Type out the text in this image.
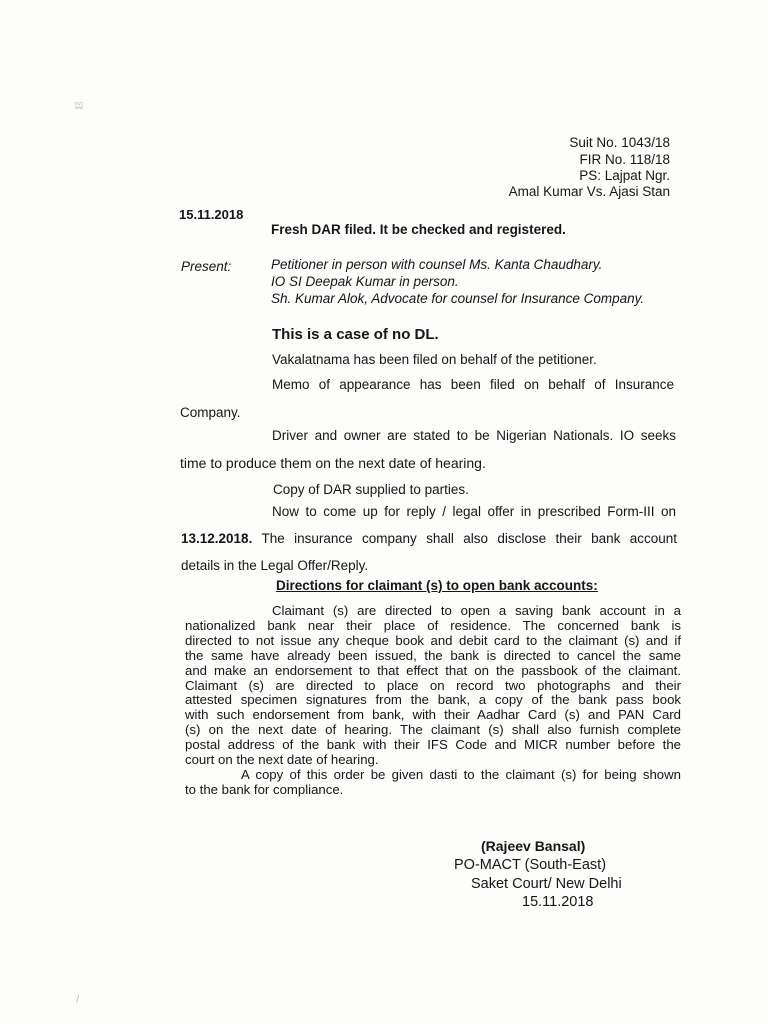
ಙ
/
Suit No. 1043/18
FIR No. 118/18
PS: Lajpat Ngr.
Amal Kumar Vs. Ajasi Stan
15.11.2018
Fresh DAR filed. It be checked and registered.
Present:	Petitioner in person with counsel Ms. Kanta Chaudhary.
IO SI Deepak Kumar in person.
Sh. Kumar Alok, Advocate for counsel for Insurance Company.
This is a case of no DL.
Vakalatnama has been filed on behalf of the petitioner.
Memo of appearance has been filed on behalf of Insurance
Company.
Driver and owner are stated to be Nigerian Nationals. IO seeks
time to produce them on the next date of hearing.
Copy of DAR supplied to parties.
Now to come up for reply / legal offer in prescribed Form-III on
13.12.2018. The insurance company shall also disclose their bank account
details in the Legal Offer/Reply.
Directions for claimant (s) to open bank accounts:
Claimant (s) are directed to open a saving bank account in a
nationalized bank near their place of residence. The concerned bank is
directed to not issue any cheque book and debit card to the claimant (s) and if
the same have already been issued, the bank is directed to cancel the same
and make an endorsement to that effect that on the passbook of the claimant.
Claimant (s) are directed to place on record two photographs and their
attested specimen signatures from the bank, a copy of the bank pass book
with such endorsement from bank, with their Aadhar Card (s) and PAN Card
(s) on the next date of hearing. The claimant (s) shall also furnish complete
postal address of the bank with their IFS Code and MICR number before the
court on the next date of hearing.
A copy of this order be given dasti to the claimant (s) for being shown
to the bank for compliance.
(Rajeev Bansal)
PO-MACT (South-East)
Saket Court/ New Delhi
15.11.2018
